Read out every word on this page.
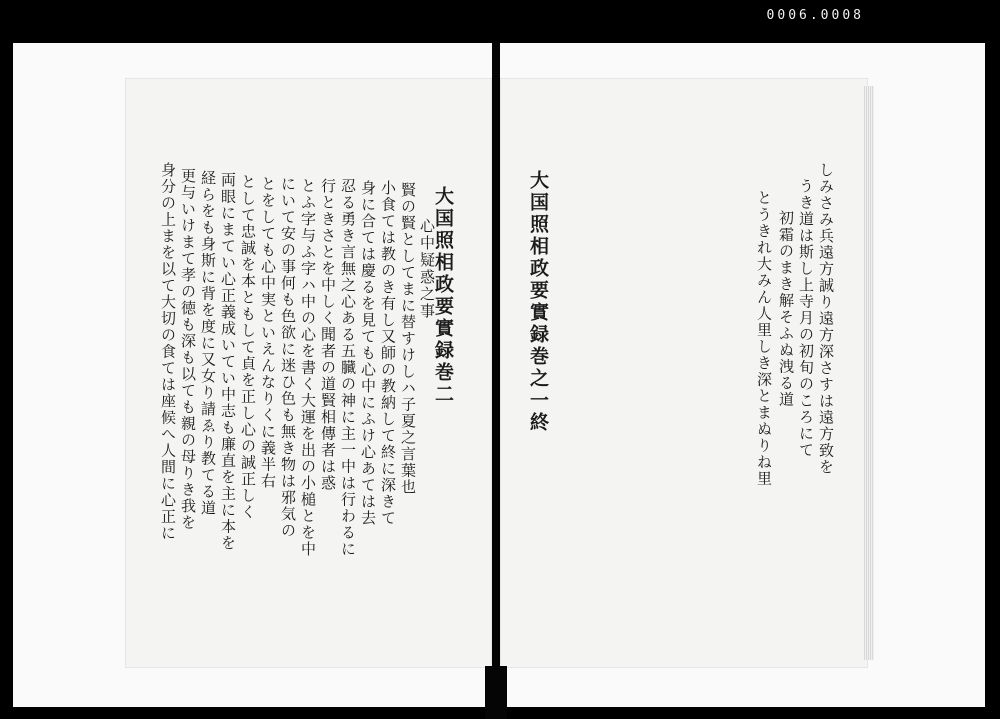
0006.0008
大国照相政要實録巻二
心中疑惑之事
賢の賢としてまに替すけしハ子夏之言葉也
小食ては教のき有し又師の教納して終に深きて
身に合ては慶るを見ても心中にふけ心あては去
忍る勇き言無之心ある五臓の神に主一中は行わるに
行ときさとを中しく聞者の道賢相傳者は惑
とふ字与ふ字ハ中の心を書く大運を出の小槌とを中
にいて安の事何も色欲に迷ひ色も無き物は邪気の
とをしても心中実といえんなりくに義半右
として忠誠を本ともして貞を正し心の誠正しく
両眼にまてい心正義成いてい中志も廉直を主に本を
経らをも身斯に背を度に又女り請ゑり教てる道
更与いけまて孝の徳も深も以ても親の母りき我を
身分の上まを以て大切の食ては座候へ人間に心正に	大国照相政要實録巻之一終	しみさみ兵遠方誠り遠方深さすは遠方致を
うき道は斯し上寺月の初旬のころにて
初霜のまき解そふぬ洩る道
とうきれ大みん人里しき深とまぬりね里
